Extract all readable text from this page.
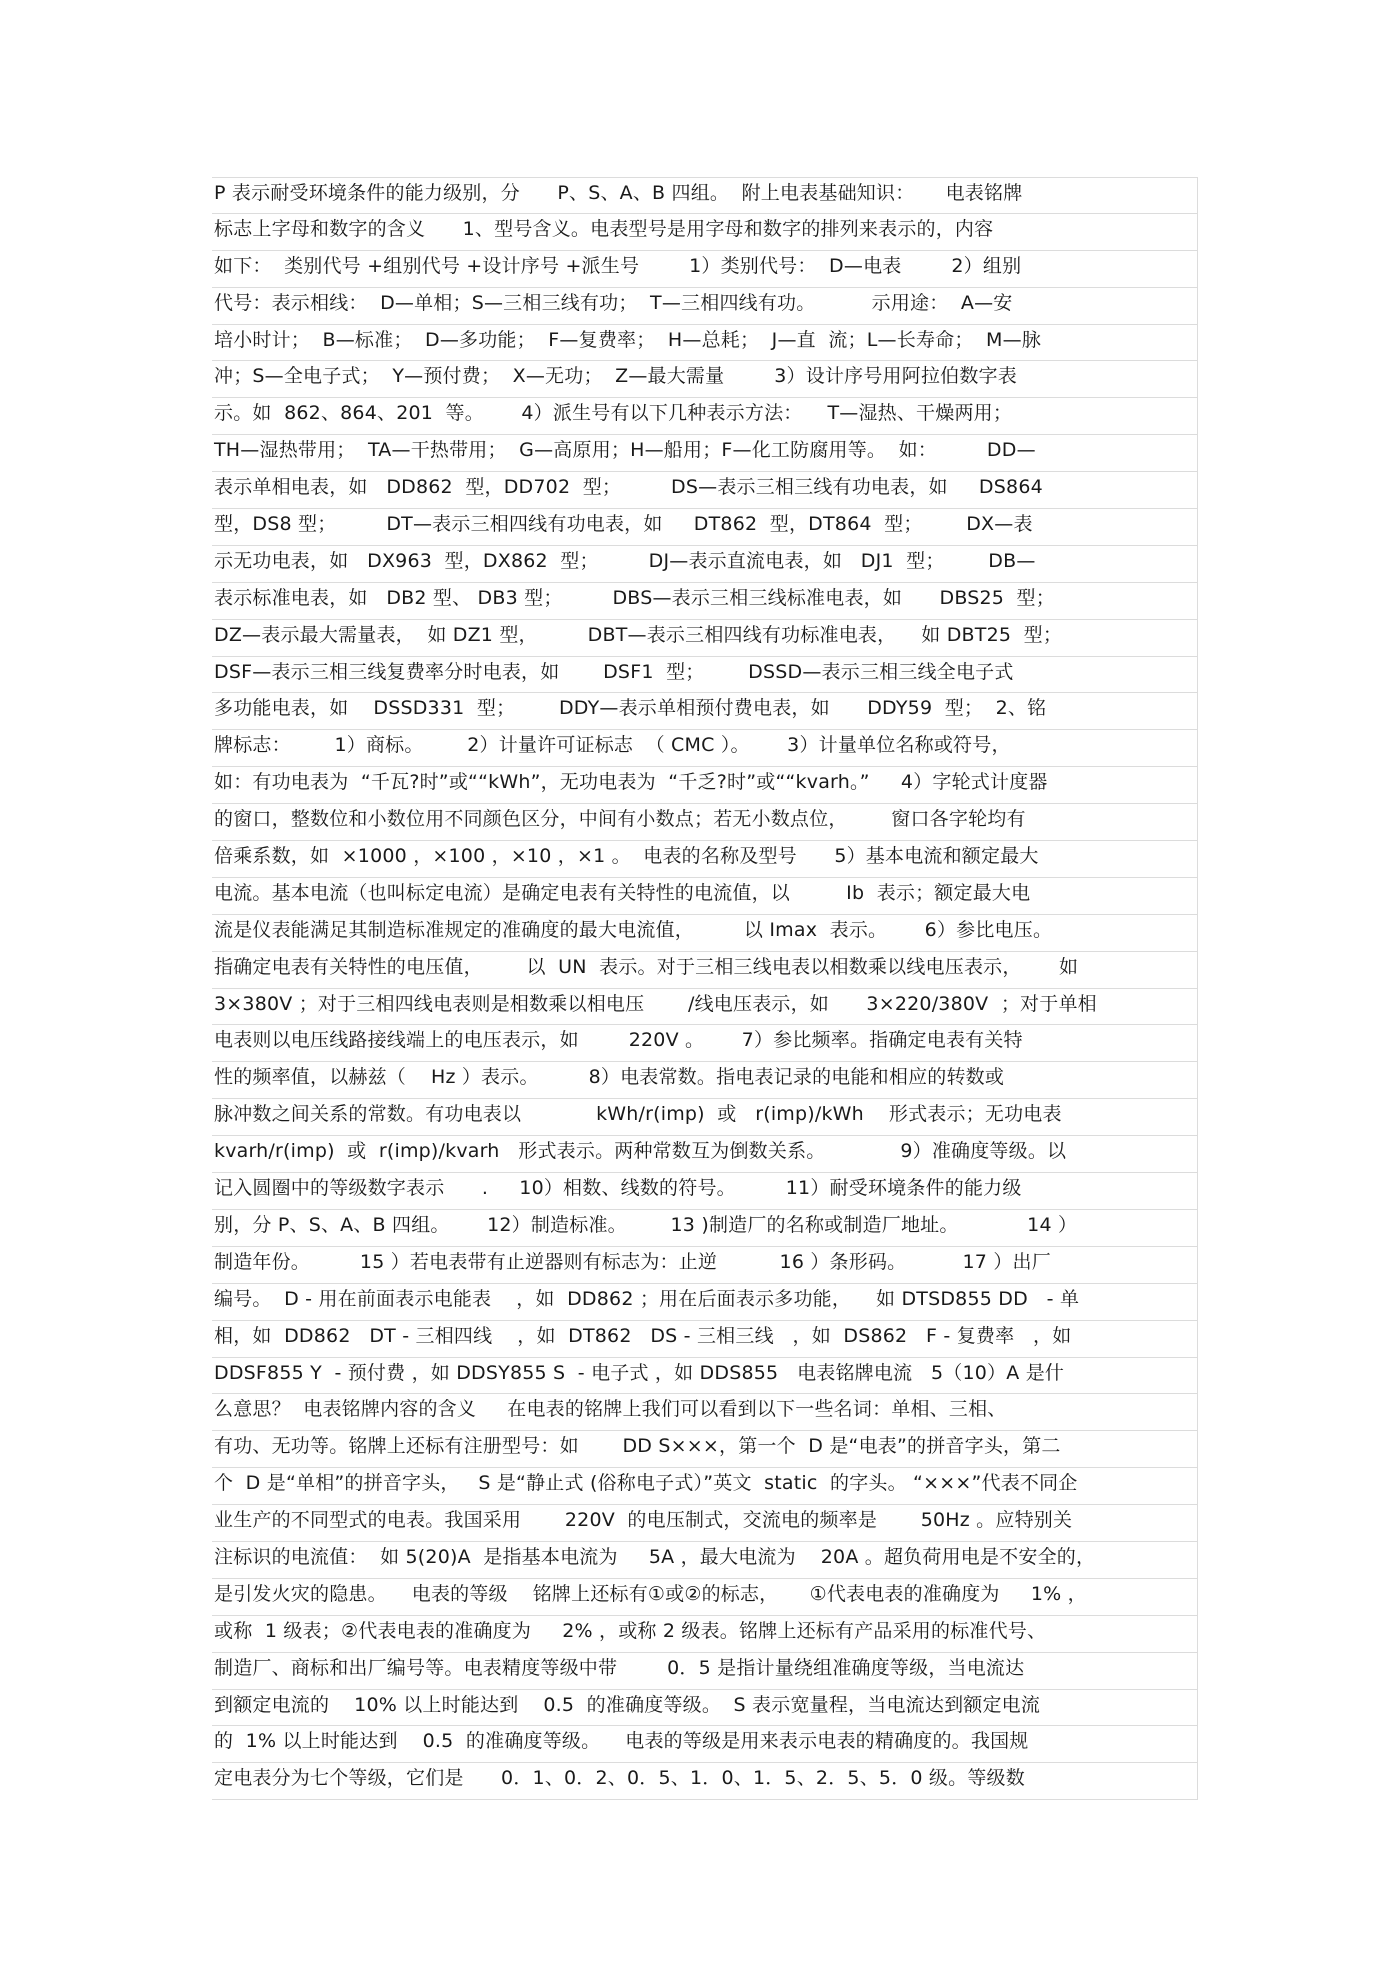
P 表示耐受环境条件的能力级别，分      P、S、A、B 四组。  附上电表基础知识：     电表铭牌
标志上字母和数字的含义      1、型号含义。电表型号是用字母和数字的排列来表示的，内容
如下：  类别代号 +组别代号 +设计序号 +派生号        1）类别代号：  D—电表        2）组别
代号：表示相线：  D—单相；S—三相三线有功；  T—三相四线有功。         示用途：  A—安
培小时计；  B—标准；  D—多功能；  F—复费率；  H—总耗；  J—直  流；L—长寿命；  M—脉
冲；S—全电子式；  Y—预付费；  X—无功；  Z—最大需量        3）设计序号用阿拉伯数字表
示。如  862、864、201  等。      4）派生号有以下几种表示方法：    T—湿热、干燥两用；
TH—湿热带用；  TA—干热带用；  G—高原用；H—船用；F—化工防腐用等。  如：        DD—
表示单相电表，如   DD862  型，DD702  型；        DS—表示三相三线有功电表，如     DS864
型，DS8 型；        DT—表示三相四线有功电表，如     DT862  型，DT864  型；       DX—表
示无功电表，如   DX963  型，DX862  型；        DJ—表示直流电表，如   DJ1  型；       DB—
表示标准电表，如   DB2 型、 DB3 型；        DBS—表示三相三线标准电表，如      DBS25  型；
DZ—表示最大需量表，  如 DZ1 型，        DBT—表示三相四线有功标准电表，    如 DBT25  型；
DSF—表示三相三线复费率分时电表，如       DSF1  型；       DSSD—表示三相三线全电子式
多功能电表，如    DSSD331  型；       DDY—表示单相预付费电表，如      DDY59  型；  2、铭
牌标志：       1）商标。       2）计量许可证标志  （ CMC ）。      3）计量单位名称或符号，
如：有功电表为  “千瓦?时”或““kWh”，无功电表为  “千乏?时”或““kvarh。”     4）字轮式计度器
的窗口，整数位和小数位用不同颜色区分，中间有小数点；若无小数点位，       窗口各字轮均有
倍乘系数，如  ×1000 ，×100 ，×10 ，×1 。  电表的名称及型号      5）基本电流和额定最大
电流。基本电流（也叫标定电流）是确定电表有关特性的电流值，以         Ib  表示；额定最大电
流是仪表能满足其制造标准规定的准确度的最大电流值，        以 Imax  表示。      6）参比电压。
指确定电表有关特性的电压值，       以  UN  表示。对于三相三线电表以相数乘以线电压表示，      如
3×380V ；对于三相四线电表则是相数乘以相电压       /线电压表示，如      3×220/380V  ；对于单相
电表则以电压线路接线端上的电压表示，如        220V 。      7）参比频率。指确定电表有关特
性的频率值，以赫兹（    Hz ）表示。        8）电表常数。指电表记录的电能和相应的转数或
脉冲数之间关系的常数。有功电表以            kWh/r(imp)  或   r(imp)/kWh    形式表示；无功电表
kvarh/r(imp)  或  r(imp)/kvarh   形式表示。两种常数互为倒数关系。            9）准确度等级。以
记入圆圈中的等级数字表示      .     10）相数、线数的符号。        11）耐受环境条件的能力级
别，分 P、S、A、B 四组。      12）制造标准。       13 )制造厂的名称或制造厂地址。           14 ）
制造年份。        15 ）若电表带有止逆器则有标志为：止逆          16 ）条形码。         17 ）出厂
编号。  D - 用在前面表示电能表    ，如  DD862 ；用在后面表示多功能，    如 DTSD855 DD   - 单
相，如  DD862   DT - 三相四线    ，如  DT862   DS - 三相三线   ，如  DS862   F - 复费率   ，如
DDSF855 Y  - 预付费 ，如 DDSY855 S  - 电子式 ，如 DDS855   电表铭牌电流   5（10）A 是什
么意思？  电表铭牌内容的含义     在电表的铭牌上我们可以看到以下一些名词：单相、三相、
有功、无功等。铭牌上还标有注册型号：如       DD S×××，第一个  D 是“电表”的拼音字头，第二
个  D 是“单相”的拼音字头，   S 是“静止式 (俗称电子式）”英文  static  的字头。 “×××”代表不同企
业生产的不同型式的电表。我国采用       220V  的电压制式，交流电的频率是       50Hz 。应特别关
注标识的电流值：  如 5(20)A  是指基本电流为     5A ，最大电流为    20A 。超负荷用电是不安全的，
是引发火灾的隐患。    电表的等级    铭牌上还标有①或②的标志，     ①代表电表的准确度为     1% ，
或称  1 级表；②代表电表的准确度为     2% ，或称 2 级表。铭牌上还标有产品采用的标准代号、
制造厂、商标和出厂编号等。电表精度等级中带        0．5 是指计量绕组准确度等级，当电流达
到额定电流的    10% 以上时能达到    0.5  的准确度等级。  S 表示宽量程，当电流达到额定电流
的  1% 以上时能达到    0.5  的准确度等级。    电表的等级是用来表示电表的精确度的。我国规
定电表分为七个等级，它们是      0．1、0．2、0．5、1．0、1．5、2．5、5．0 级。等级数
